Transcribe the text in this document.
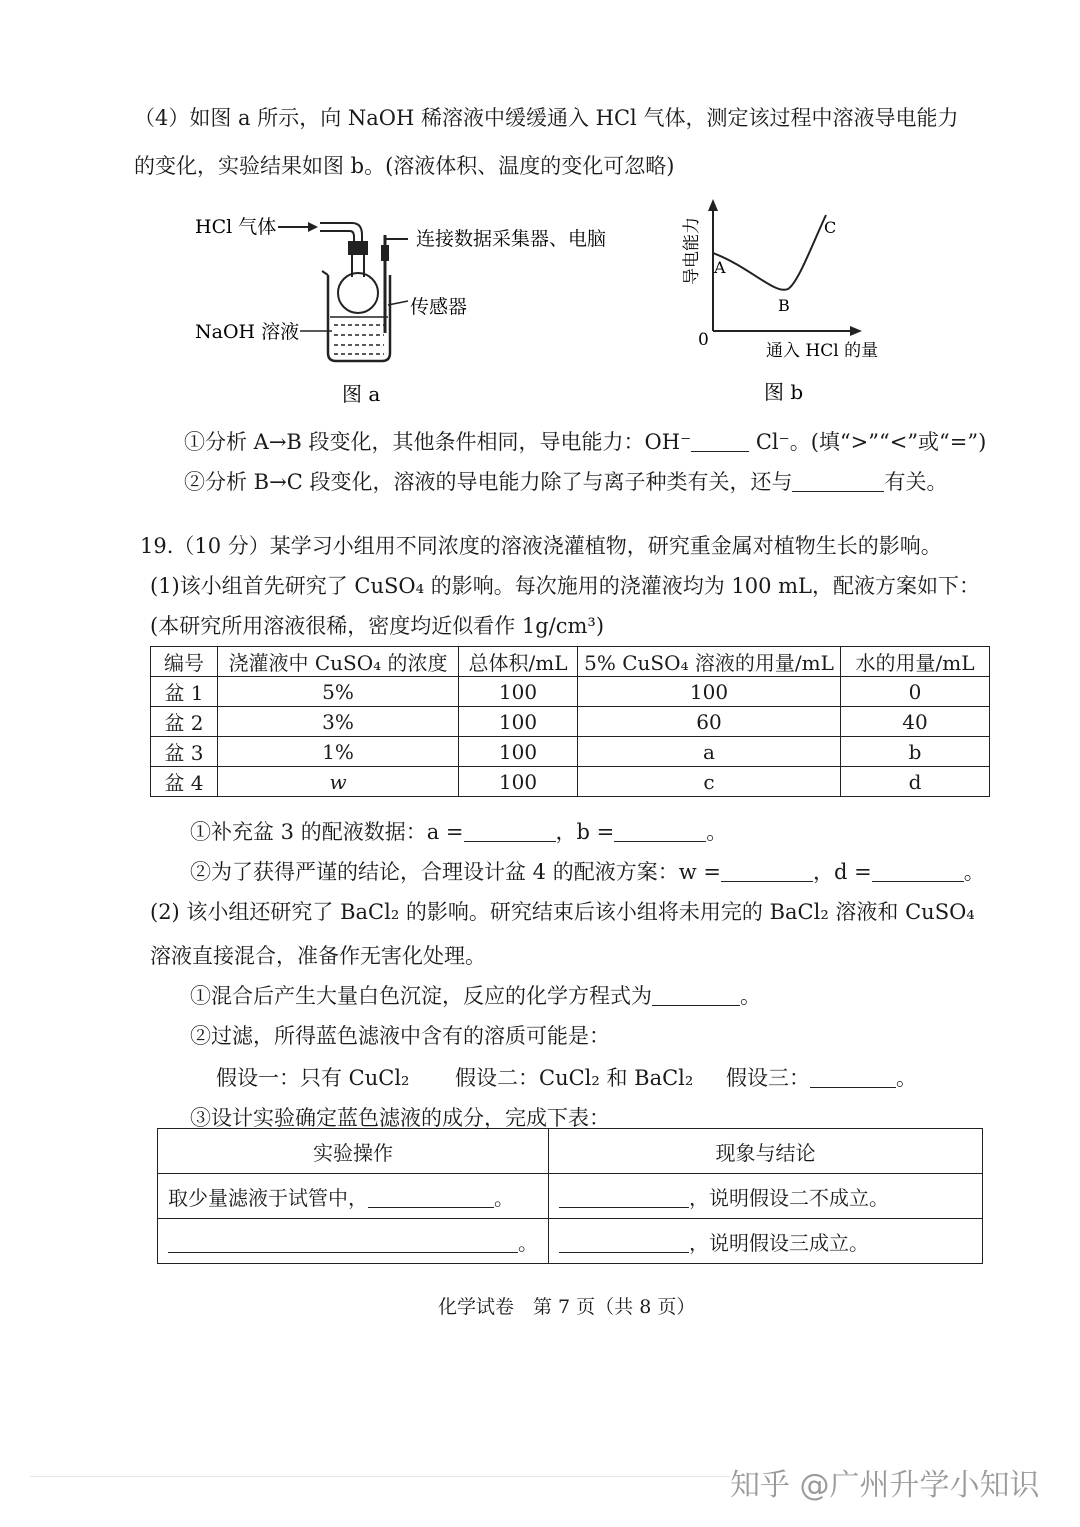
（4）如图 a 所示，向 NaOH 稀溶液中缓缓通入 HCl 气体，测定该过程中溶液导电能力
的变化，实验结果如图 b。(溶液体积、温度的变化可忽略)
HCl 气体
连接数据采集器、电脑
传感器
NaOH 溶液
图 a
导电能力
0
通入 HCl 的量
A
B
C
图 b
①分析 A→B 段变化，其他条件相同，导电能力：OH⁻	Cl⁻。(填“>”“<”或“=”)
②分析 B→C 段变化，溶液的导电能力除了与离子种类有关，还与	有关。
19.（10 分）某学习小组用不同浓度的溶液浇灌植物，研究重金属对植物生长的影响。
(1)该小组首先研究了 CuSO₄ 的影响。每次施用的浇灌液均为 100 mL，配液方案如下：
(本研究所用溶液很稀，密度均近似看作 1g/cm³)
编号	浇灌液中 CuSO₄ 的浓度	总体积/mL	5% CuSO₄ 溶液的用量/mL	水的用量/mL
盆 1	5%	100	100	0
盆 2	3%	100	60	40
盆 3	1%	100	a	b
盆 4	w	100	c	d
①补充盆 3 的配液数据：a =	，b =	。
②为了获得严谨的结论，合理设计盆 4 的配液方案：w =	，d =	。
(2) 该小组还研究了 BaCl₂ 的影响。研究结束后该小组将未用完的 BaCl₂ 溶液和 CuSO₄
溶液直接混合，准备作无害化处理。
①混合后产生大量白色沉淀，反应的化学方程式为	。
②过滤，所得蓝色滤液中含有的溶质可能是：
假设一：只有 CuCl₂ 假设二：CuCl₂ 和 BaCl₂ 假设三：	。
③设计实验确定蓝色滤液的成分，完成下表：
实验操作	现象与结论
取少量滤液于试管中， 。	，说明假设二不成立。
。	，说明假设三成立。
化学试卷　第 7 页（共 8 页）
知乎 @广州升学小知识
